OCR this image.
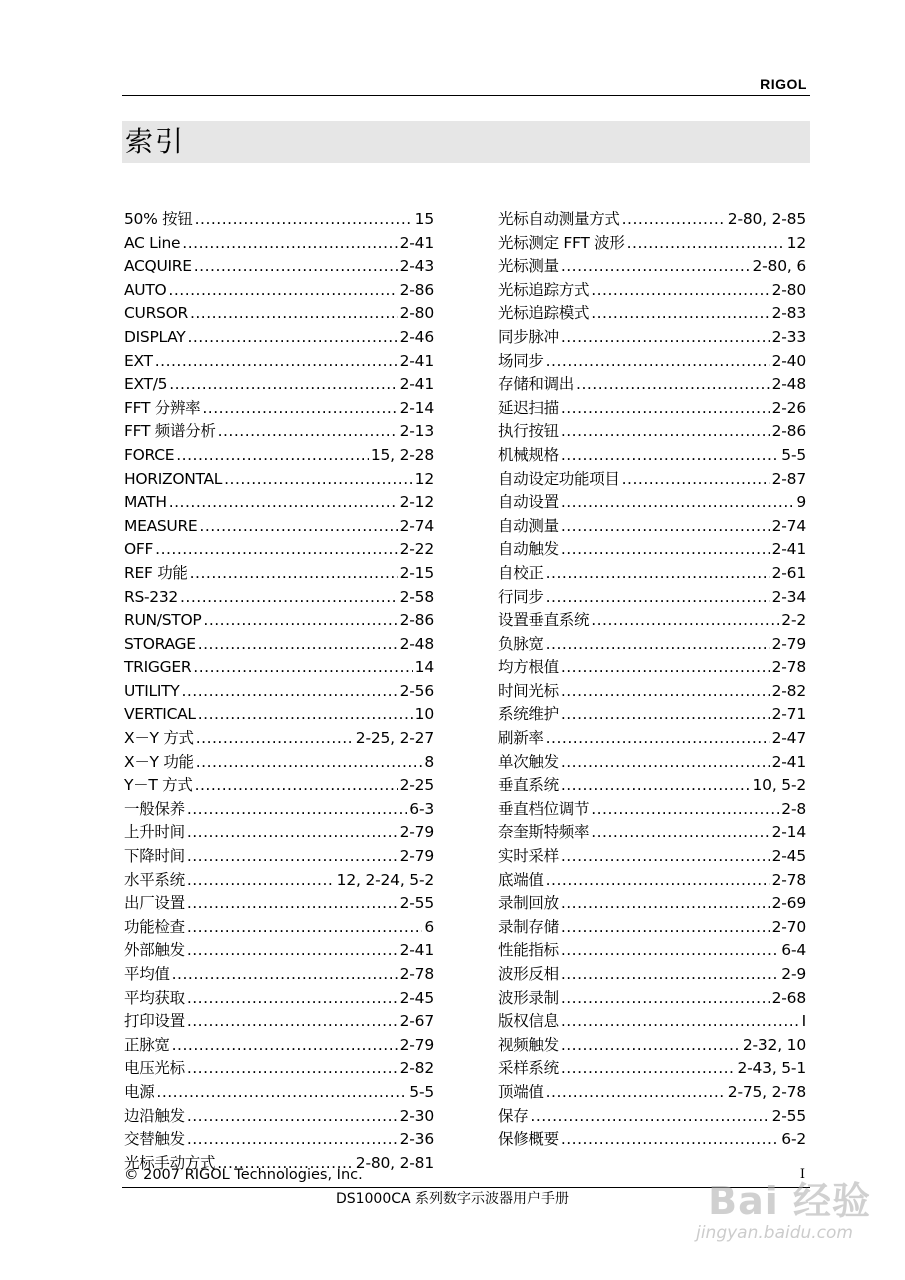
RIGOL
索引
50% 按钮 .....	15
AC Line .....	2-41
ACQUIRE .....	2-43
AUTO .....	2-86
CURSOR .....	2-80
DISPLAY .....	2-46
EXT .....	2-41
EXT/5 .....	2-41
FFT 分辨率 .....	2-14
FFT 频谱分析 .....	2-13
FORCE .....	15, 2-28
HORIZONTAL .....	12
MATH .....	2-12
MEASURE .....	2-74
OFF .....	2-22
REF 功能 .....	2-15
RS-232 .....	2-58
RUN/STOP .....	2-86
STORAGE .....	2-48
TRIGGER .....	14
UTILITY .....	2-56
VERTICAL .....	10
X－Y 方式 .....	2-25, 2-27
X－Y 功能 .....	8
Y－T 方式 .....	2-25
一般保养 .....	6-3
上升时间 .....	2-79
下降时间 .....	2-79
水平系统 .....	12, 2-24, 5-2
出厂设置 .....	2-55
功能检查 .....	6
外部触发 .....	2-41
平均值 .....	2-78
平均获取 .....	2-45
打印设置 .....	2-67
正脉宽 .....	2-79
电压光标 .....	2-82
电源 .....	5-5
边沿触发 .....	2-30
交替触发 .....	2-36
光标手动方式 .....	2-80, 2-81
光标自动测量方式 .....	2-80, 2-85
光标测定 FFT 波形 .....	12
光标测量 .....	2-80, 6
光标追踪方式 .....	2-80
光标追踪模式 .....	2-83
同步脉冲 .....	2-33
场同步 .....	2-40
存储和调出 .....	2-48
延迟扫描 .....	2-26
执行按钮 .....	2-86
机械规格 .....	5-5
自动设定功能项目 .....	2-87
自动设置 .....	9
自动测量 .....	2-74
自动触发 .....	2-41
自校正 .....	2-61
行同步 .....	2-34
设置垂直系统 .....	2-2
负脉宽 .....	2-79
均方根值 .....	2-78
时间光标 .....	2-82
系统维护 .....	2-71
刷新率 .....	2-47
单次触发 .....	2-41
垂直系统 .....	10, 5-2
垂直档位调节 .....	2-8
奈奎斯特频率 .....	2-14
实时采样 .....	2-45
底端值 .....	2-78
录制回放 .....	2-69
录制存储 .....	2-70
性能指标 .....	6-4
波形反相 .....	2-9
波形录制 .....	2-68
版权信息 .....	I
视频触发 .....	2-32, 10
采样系统 .....	2-43, 5-1
顶端值 .....	2-75, 2-78
保存 .....	2-55
保修概要 .....	6-2
© 2007 RIGOL Technologies, Inc.	I
DS1000CA 系列数字示波器用户手册	Bai 经验
jingyan.baidu.com
